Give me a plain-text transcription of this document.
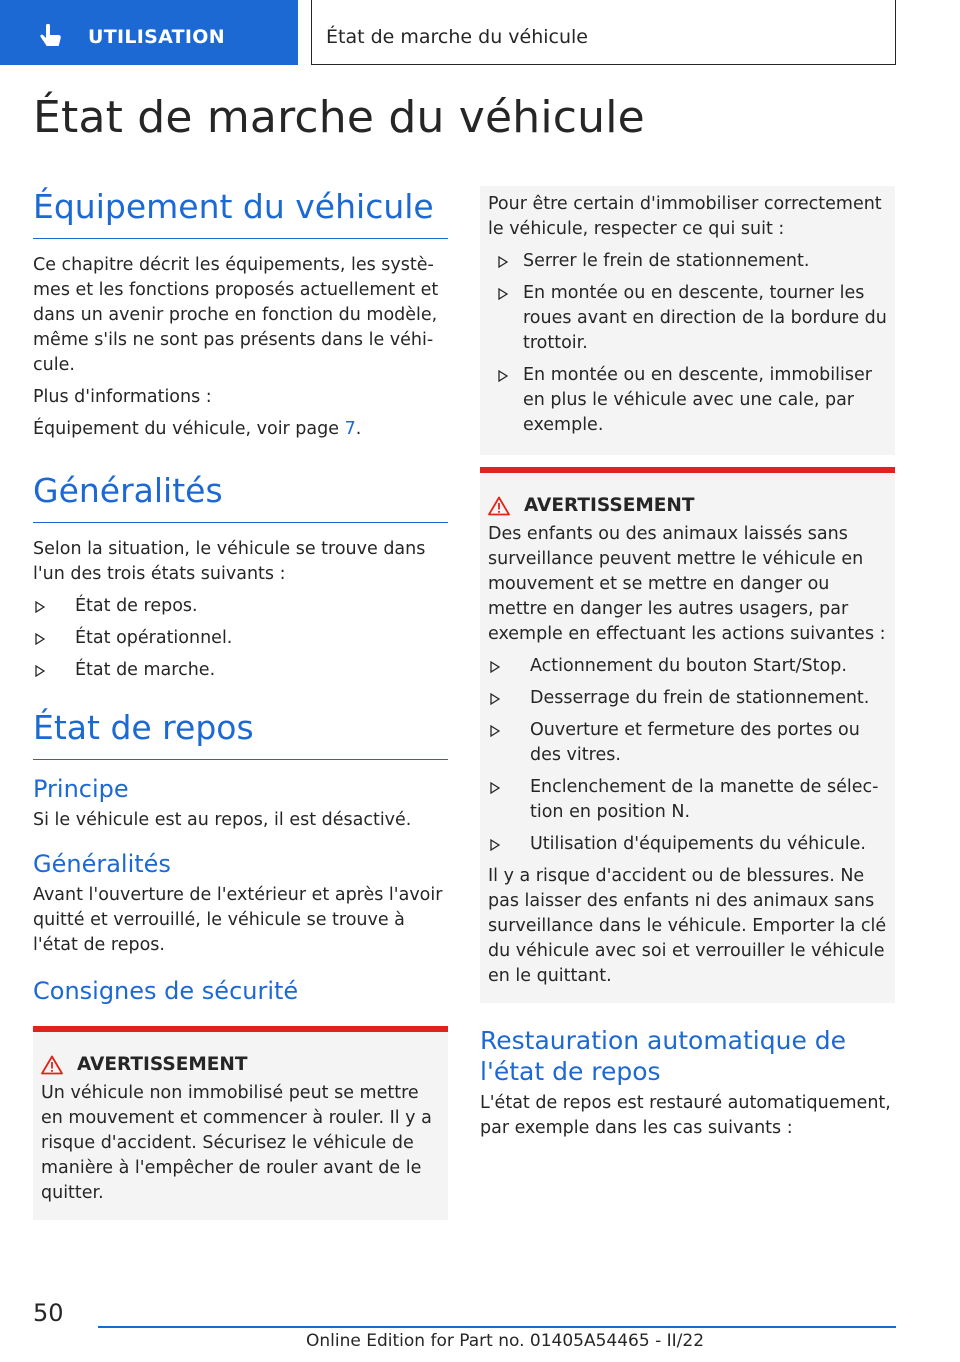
UTILISATION	État de marche du véhicule
État de marche du véhicule
Équipement du véhicule

Ce chapitre décrit les équipements, les systè-mes et les fonctions proposés actuellement et dans un avenir proche en fonction du modèle, même s'ils ne sont pas présents dans le véhi-cule.

Plus d'informations :

Équipement du véhicule, voir page 7.

Généralités

Selon la situation, le véhicule se trouve dans l'un des trois états suivants :

État de repos.
État opérationnel.
État de marche.
État de repos
Principe

Si le véhicule est au repos, il est désactivé.

Généralités

Avant l'ouverture de l'extérieur et après l'avoir quitté et verrouillé, le véhicule se trouve à l'état de repos.

Consignes de sécurité
AVERTISSEMENT

Un véhicule non immobilisé peut se mettre en mouvement et commencer à rouler. Il y a risque d'accident. Sécurisez le véhicule de manière à l'empêcher de rouler avant de le quitter.

Pour être certain d'immobiliser correctement le véhicule, respecter ce qui suit :

Serrer le frein de stationnement.
En montée ou en descente, tourner les roues avant en direction de la bordure du trottoir.
En montée ou en descente, immobiliser en plus le véhicule avec une cale, par exemple.
AVERTISSEMENT

Des enfants ou des animaux laissés sans surveillance peuvent mettre le véhicule en mouvement et se mettre en danger ou mettre en danger les autres usagers, par exemple en effectuant les actions suivantes :

Actionnement du bouton Start/Stop.
Desserrage du frein de stationnement.
Ouverture et fermeture des portes ou des vitres.
Enclenchement de la manette de sélec-tion en position N.
Utilisation d'équipements du véhicule.

Il y a risque d'accident ou de blessures. Ne pas laisser des enfants ni des animaux sans surveillance dans le véhicule. Emporter la clé du véhicule avec soi et verrouiller le véhicule en le quittant.

Restauration automatique de l'état de repos

L'état de repos est restauré automatiquement, par exemple dans les cas suivants :

50
Online Edition for Part no. 01405A54465 - II/22
